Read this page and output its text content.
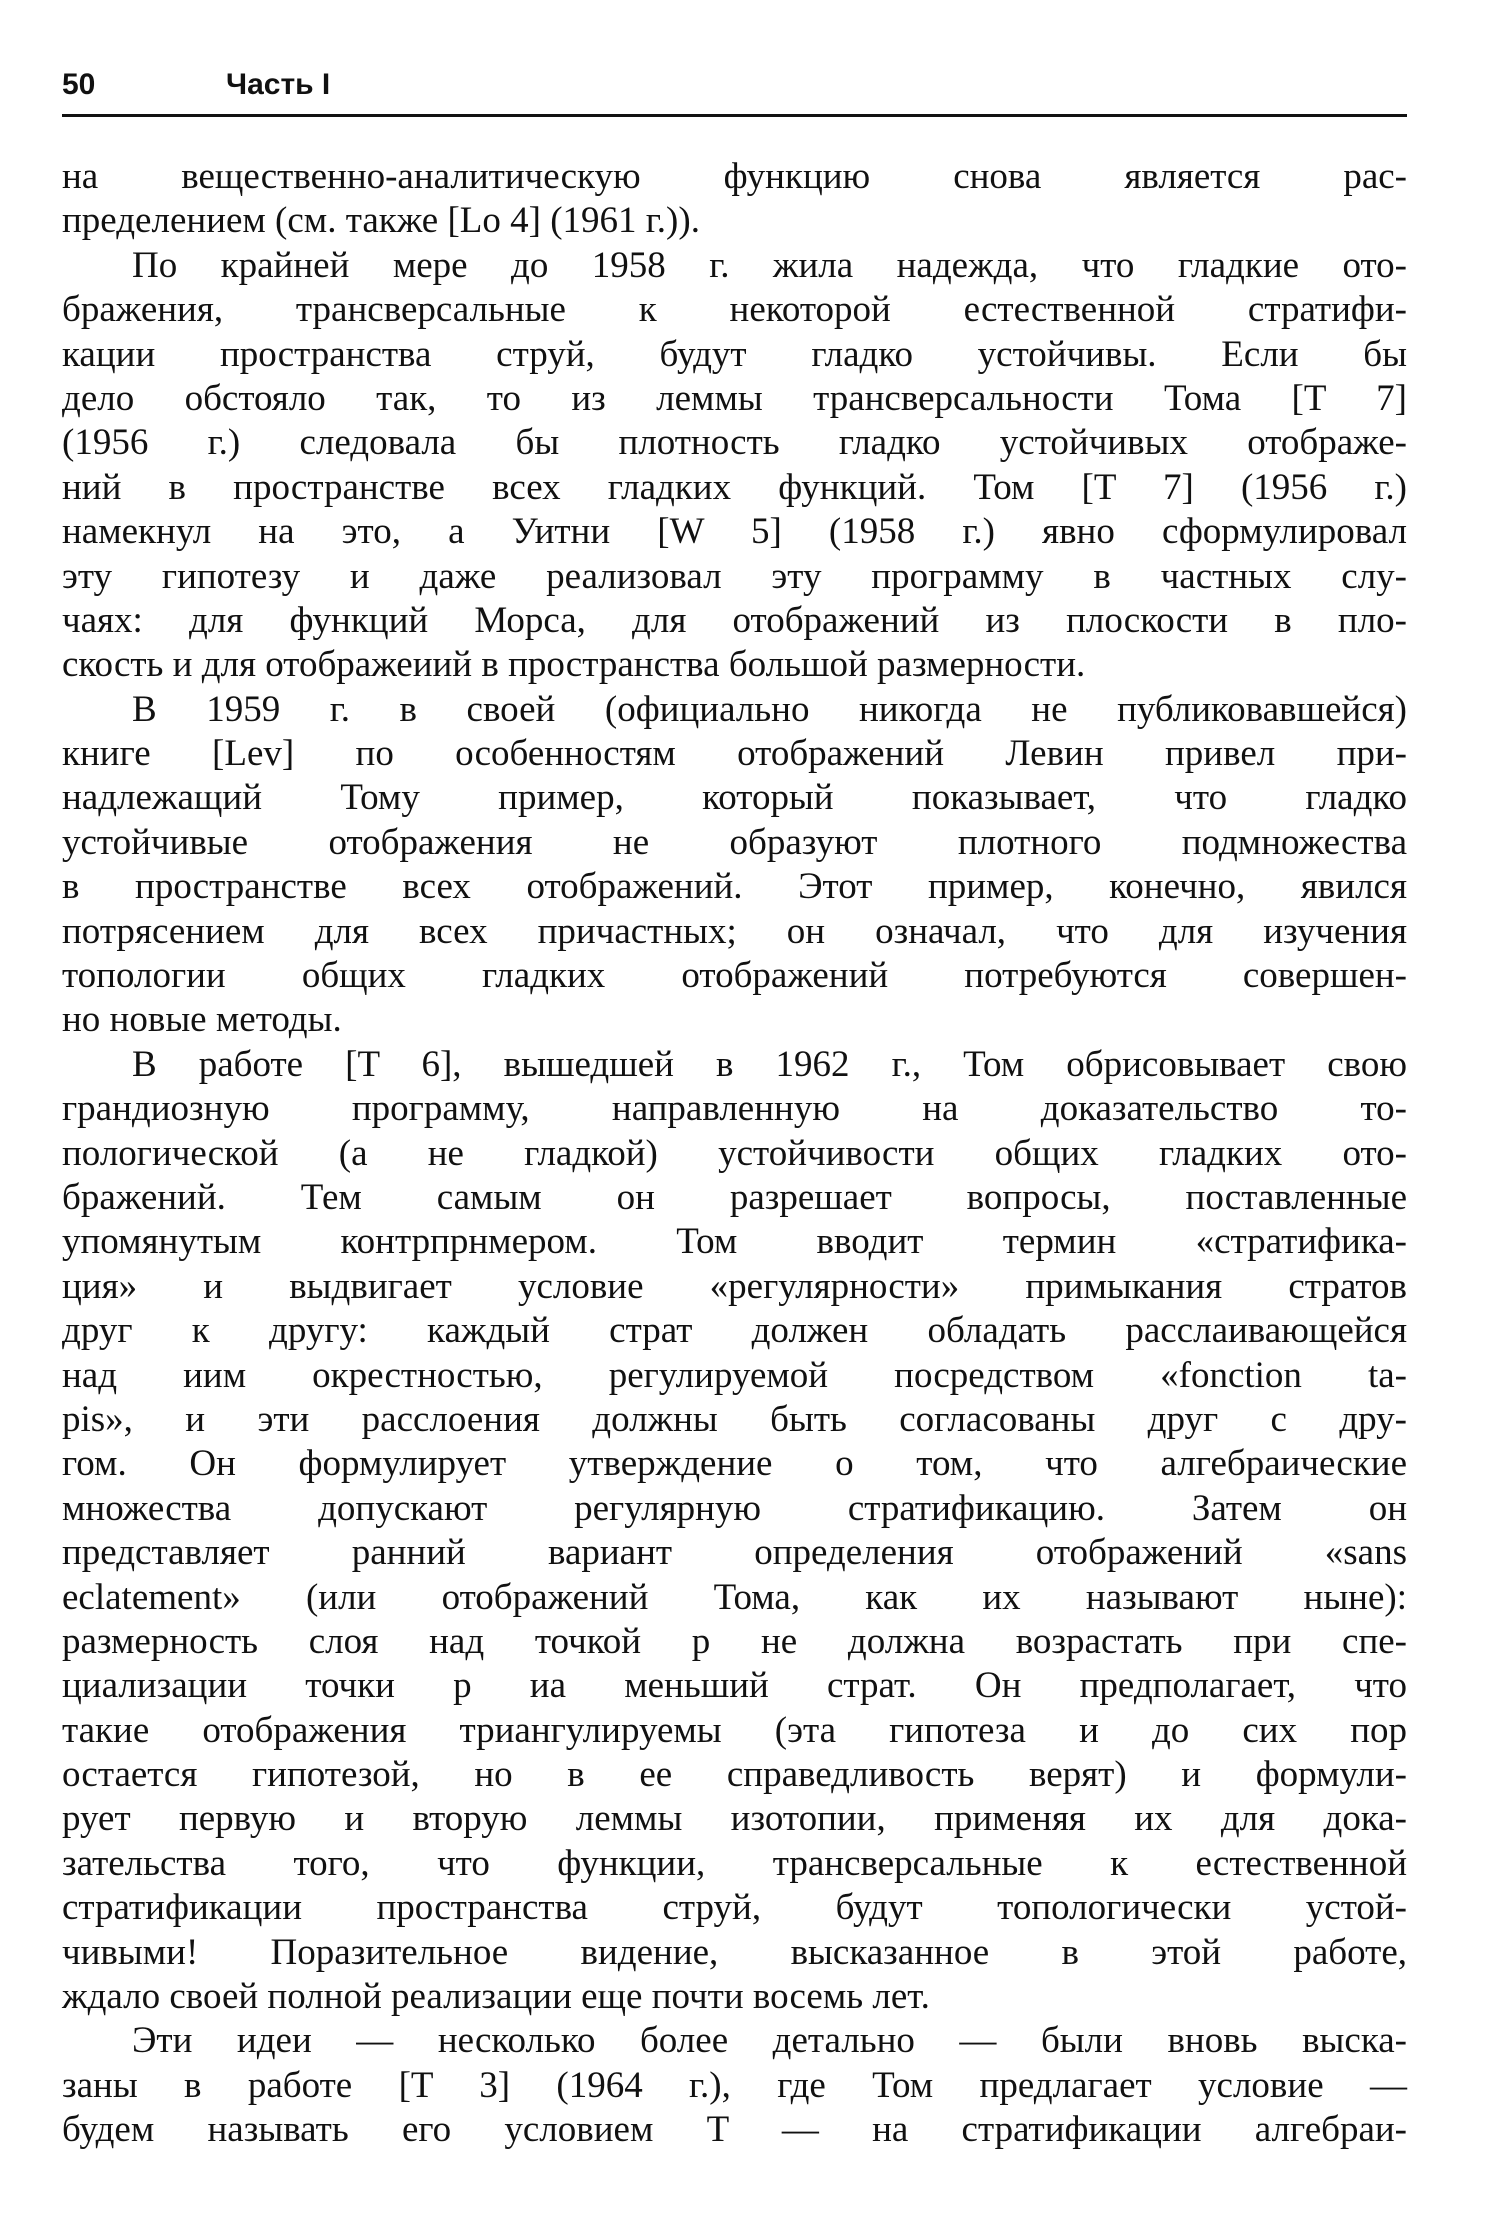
50	Часть I
на вещественно-аналитическую функцию снова является рас-
пределением (см. также [Lo 4] (1961 г.)).
По крайней мере до 1958 г. жила надежда, что гладкие ото-
бражения, трансверсальные к некоторой естественной стратифи-
кации пространства струй, будут гладко устойчивы. Если бы
дело обстояло так, то из леммы трансверсальности Тома [T 7]
(1956 г.) следовала бы плотность гладко устойчивых отображе-
ний в пространстве всех гладких функций. Том [T 7] (1956 г.)
намекнул на это, а Уитни [W 5] (1958 г.) явно сформулировал
эту гипотезу и даже реализовал эту программу в частных слу-
чаях: для функций Морса, для отображений из плоскости в пло-
скость и для отображеиий в пространства большой размерности.
В 1959 г. в своей (официально никогда не публиковавшейся)
книге [Lev] по особенностям отображений Левин привел при-
надлежащий Тому пример, который показывает, что гладко
устойчивые отображения не образуют плотного подмножества
в пространстве всех отображений. Этот пример, конечно, явился
потрясением для всех причастных; он означал, что для изучения
топологии общих гладких отображений потребуются совершен-
но новые методы.
В работе [T 6], вышедшей в 1962 г., Том обрисовывает свою
грандиозную программу, направленную на доказательство то-
пологической (а не гладкой) устойчивости общих гладких ото-
бражений. Тем самым он разрешает вопросы, поставленные
упомянутым контрпрнмером. Том вводит термин «стратифика-
ция» и выдвигает условие «регулярности» примыкания стратов
друг к другу: каждый страт должен обладать расслаивающейся
над иим окрестностью, регулируемой посредством «fonction ta-
pis», и эти расслоения должны быть согласованы друг с дру-
гом. Он формулирует утверждение о том, что алгебраические
множества допускают регулярную стратификацию. Затем он
представляет ранний вариант определения отображений «sans
eclatement» (или отображений Тома, как их называют ныне):
размерность слоя над точкой p не должна возрастать при спе-
циализации точки p иа меньший страт. Он предполагает, что
такие отображения триангулируемы (эта гипотеза и до сих пор
остается гипотезой, но в ее справедливость верят) и формули-
рует первую и вторую леммы изотопии, применяя их для дока-
зательства того, что функции, трансверсальные к естественной
стратификации пространства струй, будут топологически устой-
чивыми! Поразительное видение, высказанное в этой работе,
ждало своей полной реализации еще почти восемь лет.
Эти идеи — несколько более детально — были вновь выска-
заны в работе [T 3] (1964 г.), где Том предлагает условие —
будем называть его условием T — на стратификации алгебраи-
